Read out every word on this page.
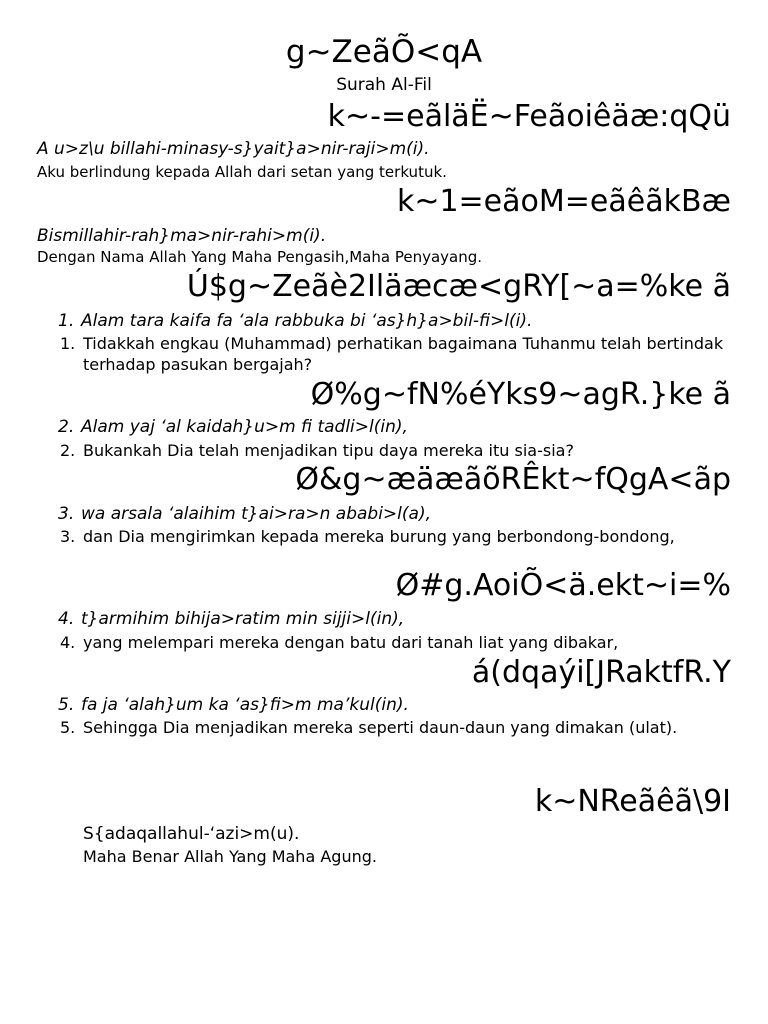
g~ZeãÕ<qA
Surah Al-Fil
k~-=eãläË~Feãoiêäæ:qQü
A u>z\u billahi-minasy-s}yait}a>nir-raji>m(i).
Aku berlindung kepada Allah dari setan yang terkutuk.
k~1=eãoM=eãêãkBæ
Bismillahir-rah}ma>nir-rahi>m(i).
Dengan Nama Allah Yang Maha Pengasih,Maha Penyayang.
Ú$g~Zeãè2Iläæcæ<gRY[~a=%ke ã
1. Alam tara kaifa fa ‘ala rabbuka bi ‘as}h}a>bil-fi>l(i).
1. Tidakkah engkau (Muhammad) perhatikan bagaimana Tuhanmu telah bertindak terhadap pasukan bergajah?
Ø%g~fN%éYks9~agR.}ke ã
2. Alam yaj ‘al kaidah}u>m fi tadli>l(in),
2. Bukankah Dia telah menjadikan tipu daya mereka itu sia-sia?
Ø&g~æäæãõRÊkt~fQgA<ãp
3. wa arsala ‘alaihim t}ai>ra>n ababi>l(a),
3. dan Dia mengirimkan kepada mereka burung yang berbondong-bondong,
Ø#g.AoiÕ<ä.ekt~i=%
4. t}armihim bihija>ratim min sijji>l(in),
4. yang melempari mereka dengan batu dari tanah liat yang dibakar,
á(dqaýi[JRaktfR.Y
5. fa ja ‘alah}um ka ‘as}fi>m ma’kul(in).
5. Sehingga Dia menjadikan mereka seperti daun-daun yang dimakan (ulat).
k~NReãêã\9I
S{adaqallahul-‘azi>m(u).
Maha Benar Allah Yang Maha Agung.
